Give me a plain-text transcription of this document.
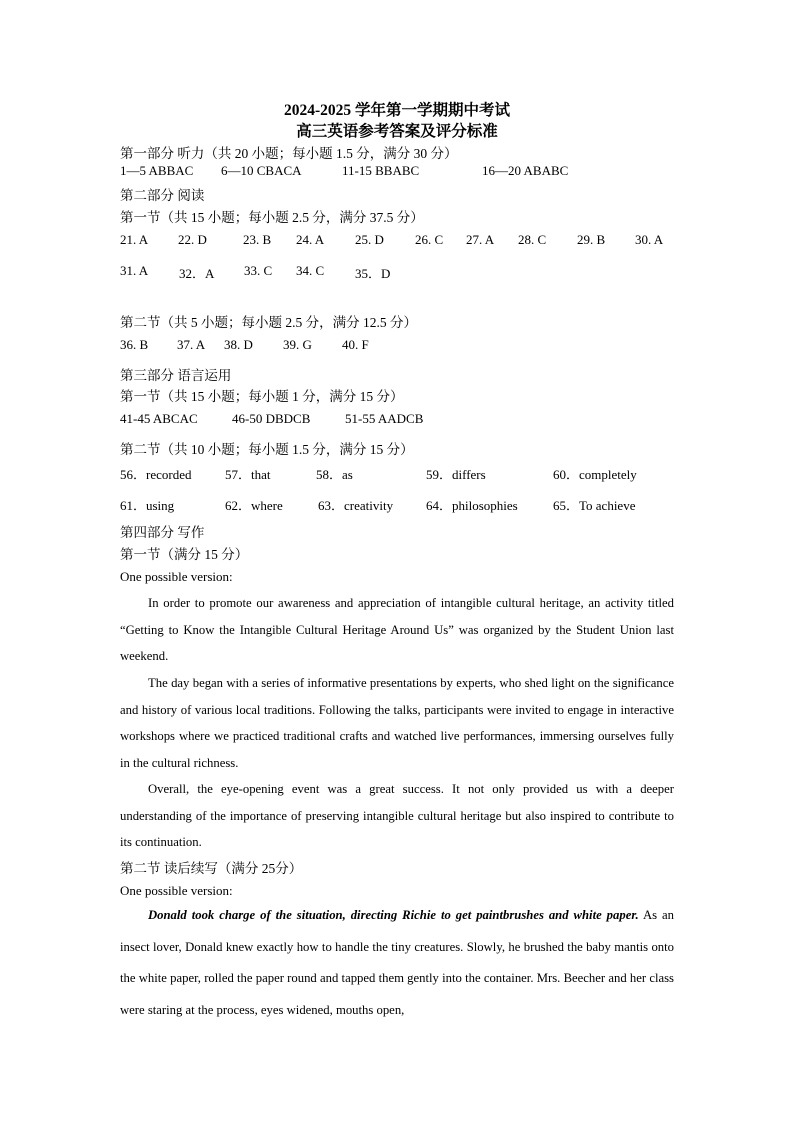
2024-2025 学年第一学期期中考试
高三英语参考答案及评分标准
第一部分 听力（共 20 小题；每小题 1.5 分，满分 30 分）
1—5 ABBAC 6—10 CBACA	11-15 BBABC	16—20 ABABC
第二部分 阅读
第一节（共 15 小题；每小题 2.5 分，满分 37.5 分）
21. A 22. D	23. B 24. A 25. D 26. C 27. A 28. C 29. B 30. A
31. A 32．A 33. C 34. C 35．D
第二节（共 5 小题；每小题 2.5 分，满分 12.5 分）
36. B 37. A 38. D 39. G 40. F
第三部分 语言运用
第一节（共 15 小题；每小题 1 分，满分 15 分）
41-45 ABCAC	46-50 DBDCB	51-55 AADCB
第二节（共 10 小题；每小题 1.5 分，满分 15 分）
56．recorded	57．that	58．as	59．differs	60．completely
61．using	62．where	63．creativity	64．philosophies	65．To achieve
第四部分 写作
第一节（满分 15 分）
One possible version:
In order to promote our awareness and appreciation of intangible cultural heritage, an activity titled “Getting to Know the Intangible Cultural Heritage Around Us” was organized by the Student Union last weekend.
The day began with a series of informative presentations by experts, who shed light on the significance and history of various local traditions. Following the talks, participants were invited to engage in interactive workshops where we practiced traditional crafts and watched live performances, immersing ourselves fully in the cultural richness.
Overall, the eye-opening event was a great success. It not only provided us with a deeper understanding of the importance of preserving intangible cultural heritage but also inspired to contribute to its continuation.
第二节 读后续写（满分 25分）
One possible version:
Donald took charge of the situation, directing Richie to get paintbrushes and white paper. As an insect lover, Donald knew exactly how to handle the tiny creatures. Slowly, he brushed the baby mantis onto the white paper, rolled the paper round and tapped them gently into the container. Mrs. Beecher and her class were staring at the process, eyes widened, mouths open,
